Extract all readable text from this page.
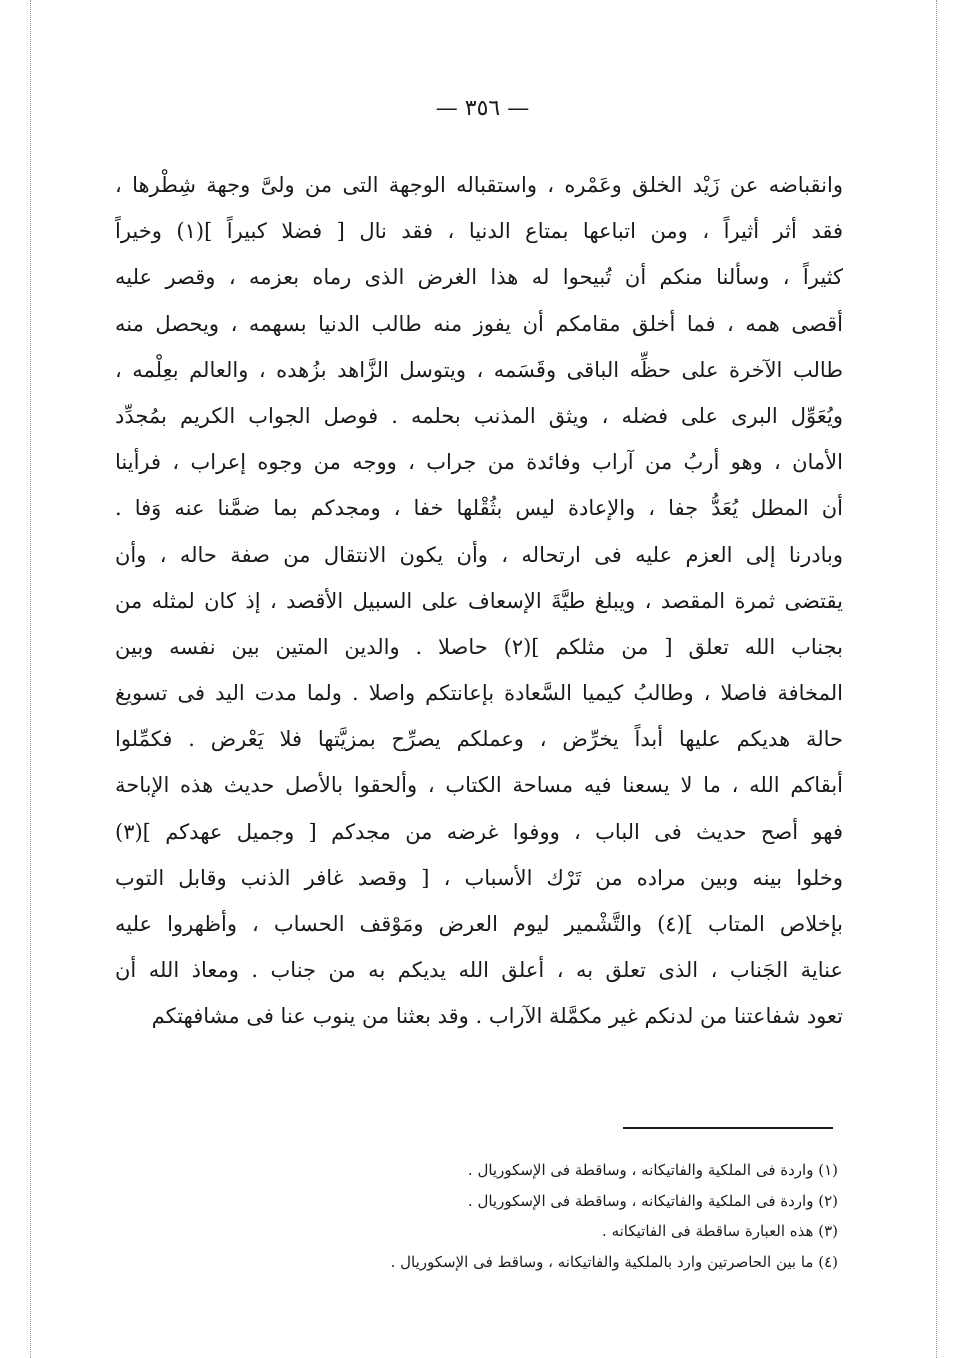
— ٣٥٦ —
وانقباضه عن زَيْد الخلق وعَمْره ، واستقباله الوجهة التى من ولىَّ وجهة شِطْرها ،
فقد أثر أثيراً ، ومن اتباعها بمتاع الدنيا ، فقد نال [ فضلا كبيراً ](١) وخيراً
كثيراً ، وسألنا منكم أن تُبيحوا له هذا الغرض الذى رماه بعزمه ، وقصر عليه
أقصى همه ، فما أخلق مقامكم أن يفوز منه طالب الدنيا بسهمه ، ويحصل منه
طالب الآخرة على حظِّه الباقى وقَسَمه ، ويتوسل الزَّاهد بزُهده ، والعالم بعِلْمه ،
ويُعَوِّل البرى على فضله ، ويثق المذنب بحلمه . فوصل الجواب الكريم بمُجدِّد
الأمان ، وهو أربُ من آراب وفائدة من جراب ، ووجه من وجوه إعراب ، فرأينا
أن المطل يُعَدُّ جفا ، والإعادة ليس بثُقْلها خفا ، ومجدكم بما ضمَّنا عنه وَفا .
وبادرنا إلى العزم عليه فى ارتحاله ، وأن يكون الانتقال من صفة حاله ، وأن
يقتضى ثمرة المقصد ، ويبلغ طيَّةَ الإسعاف على السبيل الأقصد ، إذ كان لمثله من
بجناب الله تعلق [ من مثلكم ](٢) حاصلا . والدين المتين بين نفسه وبين
المخافة فاصلا ، وطالبُ كيميا السَّعادة بإعانتكم واصلا . ولما مدت اليد فى تسويغ
حالة هديكم عليها أبداً يخرِّض ، وعملكم يصرِّح بمزيَّتها فلا يَعْرض . فكمِّلوا
أبقاكم الله ، ما لا يسعنا فيه مساحة الكتاب ، وألحقوا بالأصل حديث هذه الإباحة
فهو أصح حديث فى الباب ، ووفوا غرضه من مجدكم [ وجميل عهدكم ](٣)
وخلوا بينه وبين مراده من تَرْك الأسباب ، [ وقصد غافر الذنب وقابل التوب
بإخلاص المتاب ](٤) والتَّشْمير ليوم العرض ومَوْقف الحساب ، وأظهروا عليه
عناية الجَناب ، الذى تعلق به ، أعلق الله يديكم به من جناب . ومعاذ الله أن
تعود شفاعتنا من لدنكم غير مكمَّلة الآراب . وقد بعثنا من ينوب عنا فى مشافهتكم
(١) واردة فى الملكية والفاتيكانه ، وساقطة فى الإسكوريال .
(٢) واردة فى الملكية والفاتيكانه ، وساقطة فى الإسكوريال .
(٣) هذه العبارة ساقطة فى الفاتيكانه .
(٤) ما بين الحاصرتين وارد بالملكية والفاتيكانه ، وساقط فى الإسكوريال .
